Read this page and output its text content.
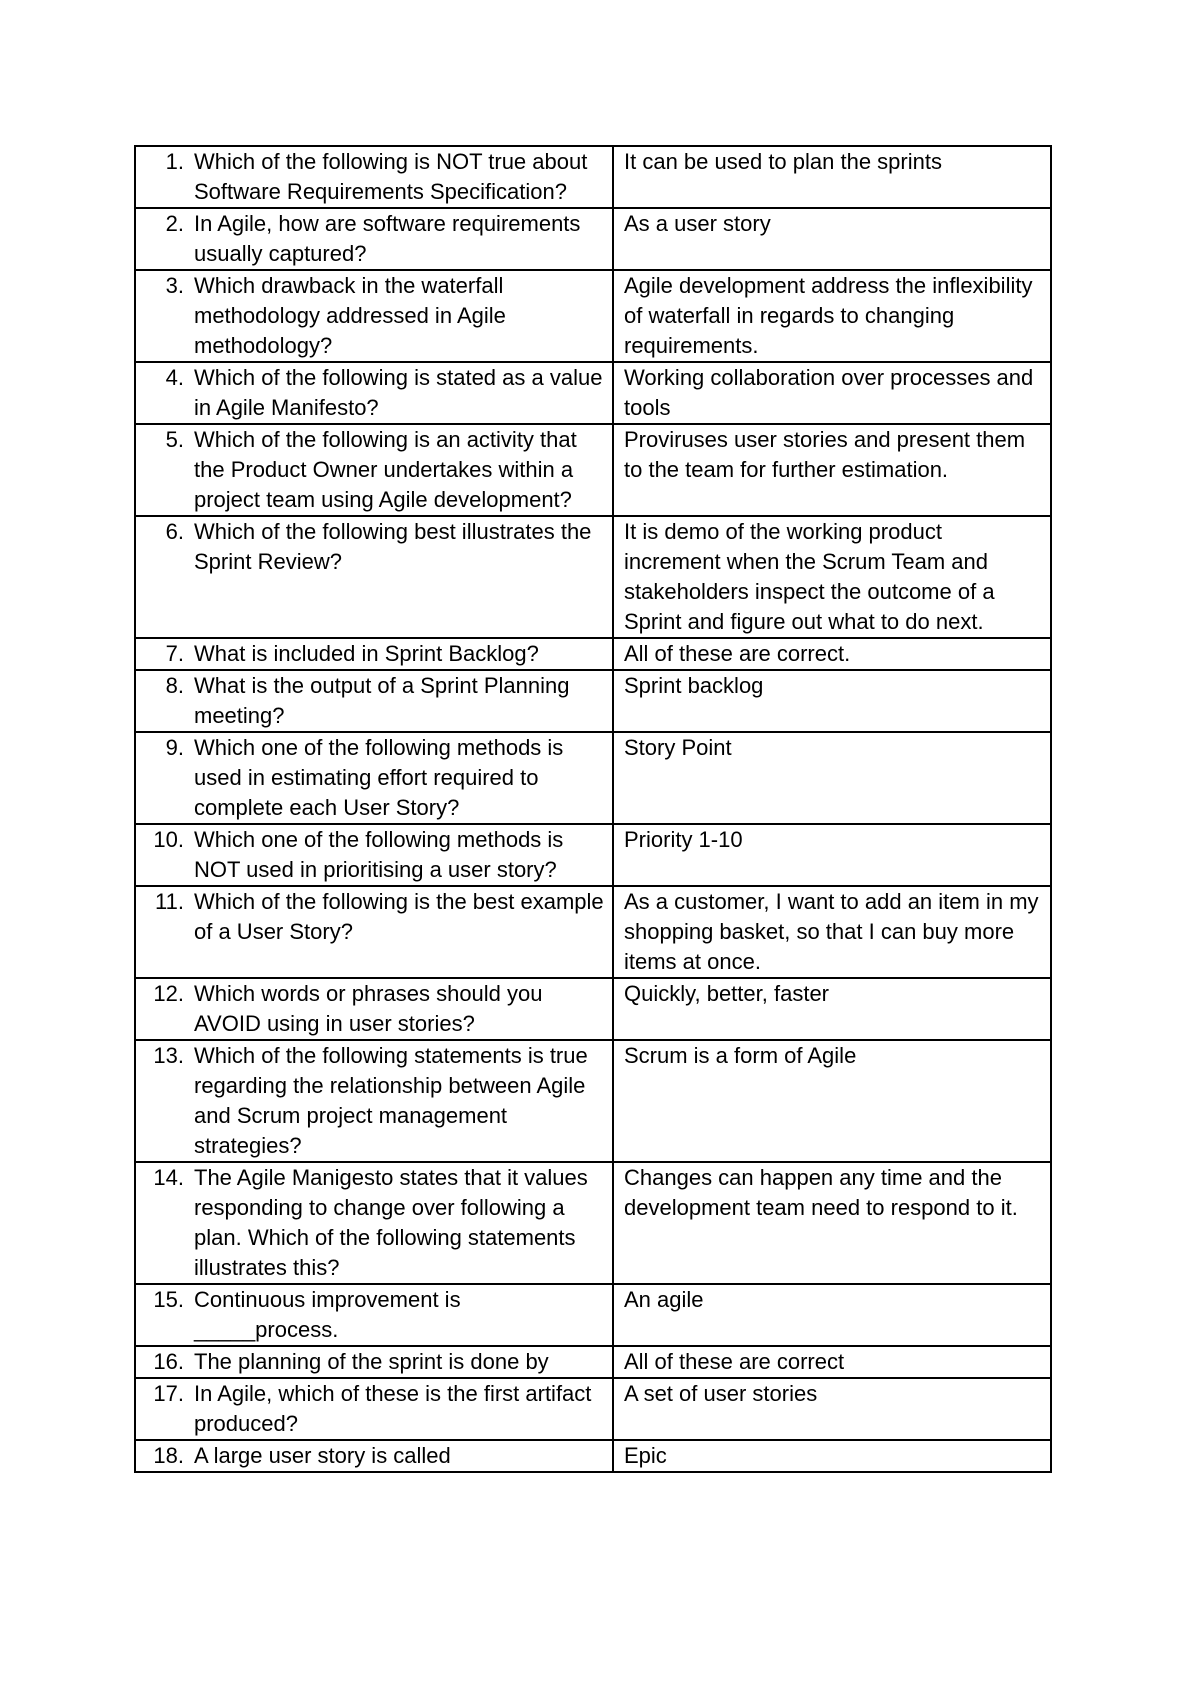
1. Which of the following is NOT true about Software Requirements Specification?	It can be used to plan the sprints

2. In Agile, how are software requirements usually captured?	As a user story

3. Which drawback in the waterfall methodology addressed in Agile methodology?	Agile development address the inflexibility of waterfall in regards to changing requirements.

4. Which of the following is stated as a value in Agile Manifesto?	Working collaboration over processes and tools

5. Which of the following is an activity that the Product Owner undertakes within a project team using Agile development?	Proviruses user stories and present them to the team for further estimation.

6. Which of the following best illustrates the Sprint Review?	It is demo of the working product increment when the Scrum Team and stakeholders inspect the outcome of a Sprint and figure out what to do next.

7. What is included in Sprint Backlog?	All of these are correct.

8. What is the output of a Sprint Planning meeting?	Sprint backlog

9. Which one of the following methods is used in estimating effort required to complete each User Story?	Story Point

10. Which one of the following methods is NOT used in prioritising a user story?	Priority 1-10

11. Which of the following is the best example of a User Story?	As a customer, I want to add an item in my shopping basket, so that I can buy more items at once.

12. Which words or phrases should you AVOID using in user stories?	Quickly, better, faster

13. Which of the following statements is true regarding the relationship between Agile and Scrum project management strategies?	Scrum is a form of Agile

14. The Agile Manigesto states that it values responding to change over following a plan. Which of the following statements illustrates this?	Changes can happen any time and the development team need to respond to it.

15. Continuous improvement is _____process.	An agile

16. The planning of the sprint is done by	All of these are correct

17. In Agile, which of these is the first artifact produced?	A set of user stories

18. A large user story is called	Epic
